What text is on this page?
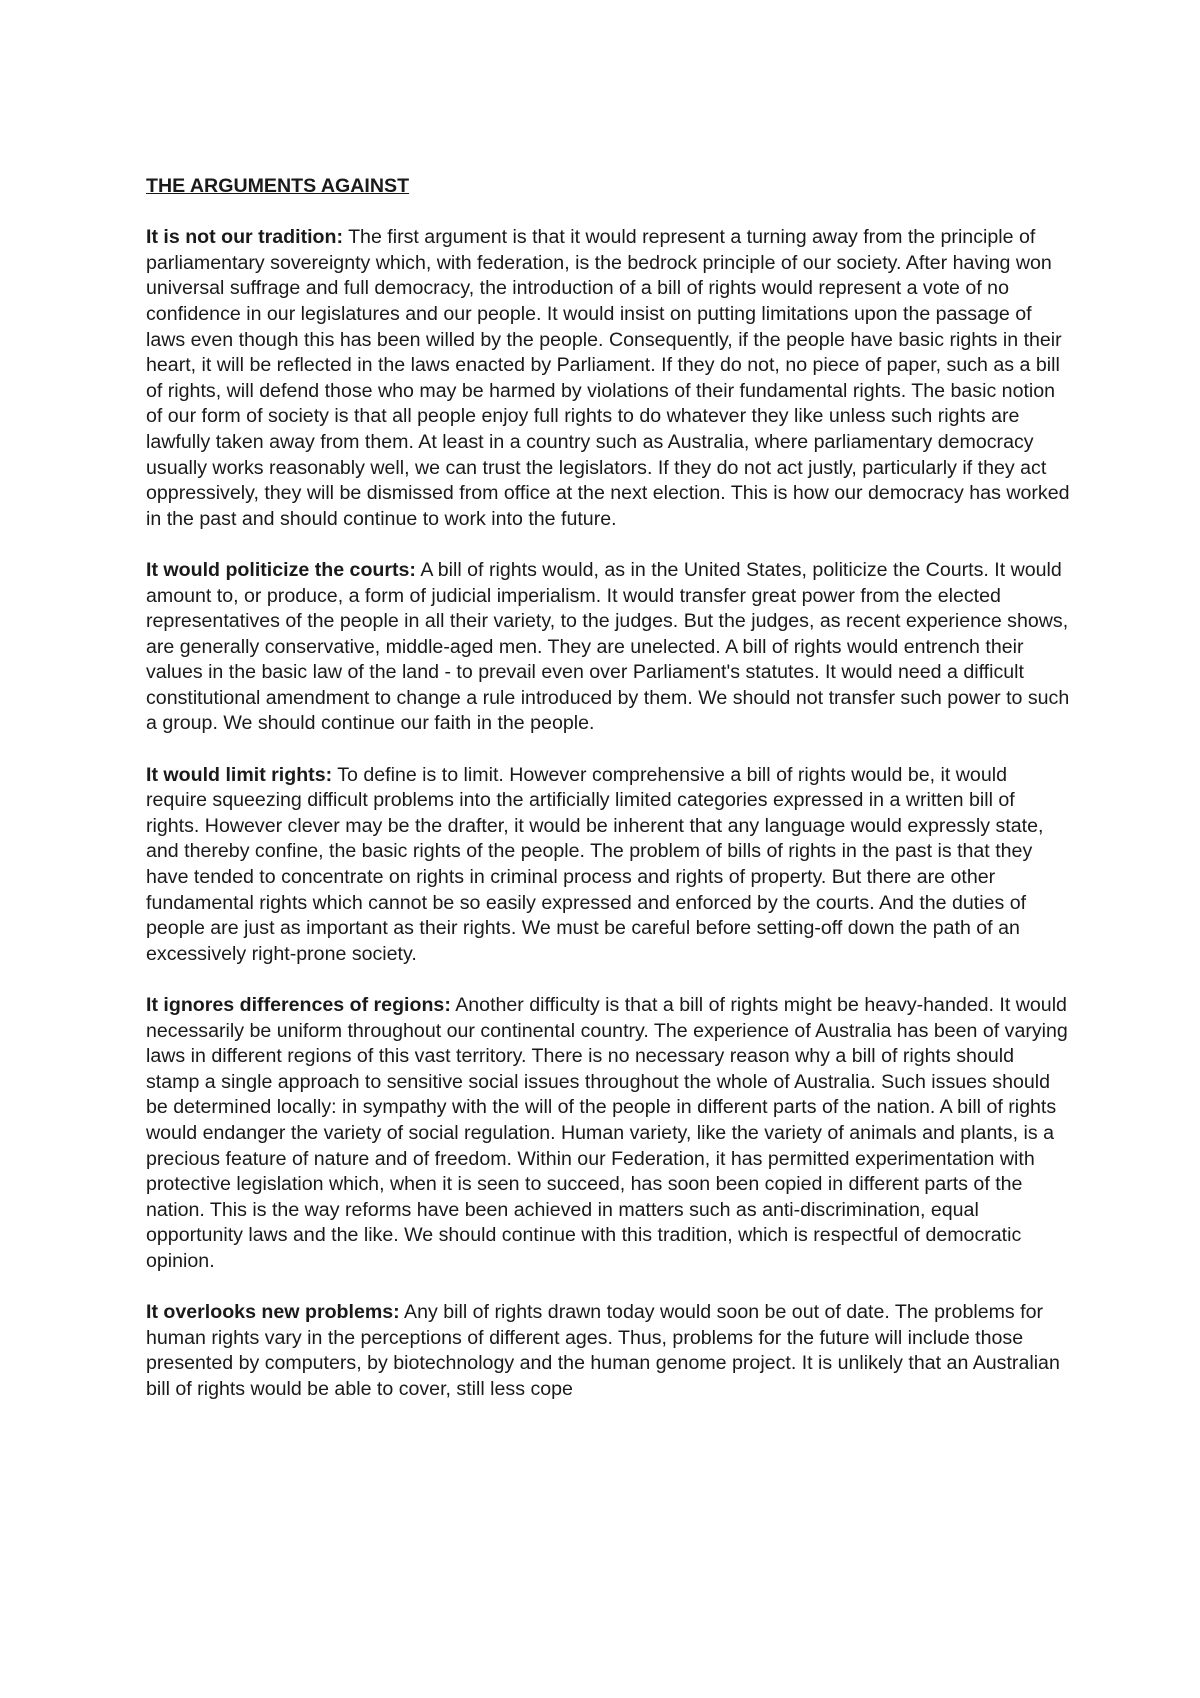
THE ARGUMENTS AGAINST

It is not our tradition: The first argument is that it would represent a turning away from the principle of parliamentary sovereignty which, with federation, is the bedrock principle of our society. After having won universal suffrage and full democracy, the introduction of a bill of rights would represent a vote of no confidence in our legislatures and our people. It would insist on putting limitations upon the passage of laws even though this has been willed by the people. Consequently, if the people have basic rights in their heart, it will be reflected in the laws enacted by Parliament. If they do not, no piece of paper, such as a bill of rights, will defend those who may be harmed by violations of their fundamental rights. The basic notion of our form of society is that all people enjoy full rights to do whatever they like unless such rights are lawfully taken away from them. At least in a country such as Australia, where parliamentary democracy usually works reasonably well, we can trust the legislators. If they do not act justly, particularly if they act oppressively, they will be dismissed from office at the next election. This is how our democracy has worked in the past and should continue to work into the future.

It would politicize the courts: A bill of rights would, as in the United States, politicize the Courts. It would amount to, or produce, a form of judicial imperialism. It would transfer great power from the elected representatives of the people in all their variety, to the judges. But the judges, as recent experience shows, are generally conservative, middle-aged men. They are unelected. A bill of rights would entrench their values in the basic law of the land - to prevail even over Parliament's statutes. It would need a difficult constitutional amendment to change a rule introduced by them. We should not transfer such power to such a group. We should continue our faith in the people.

It would limit rights: To define is to limit. However comprehensive a bill of rights would be, it would require squeezing difficult problems into the artificially limited categories expressed in a written bill of rights. However clever may be the drafter, it would be inherent that any language would expressly state, and thereby confine, the basic rights of the people. The problem of bills of rights in the past is that they have tended to concentrate on rights in criminal process and rights of property. But there are other fundamental rights which cannot be so easily expressed and enforced by the courts. And the duties of people are just as important as their rights. We must be careful before setting-off down the path of an excessively right-prone society.

It ignores differences of regions: Another difficulty is that a bill of rights might be heavy-handed. It would necessarily be uniform throughout our continental country. The experience of Australia has been of varying laws in different regions of this vast territory. There is no necessary reason why a bill of rights should stamp a single approach to sensitive social issues throughout the whole of Australia. Such issues should be determined locally: in sympathy with the will of the people in different parts of the nation. A bill of rights would endanger the variety of social regulation. Human variety, like the variety of animals and plants, is a precious feature of nature and of freedom. Within our Federation, it has permitted experimentation with protective legislation which, when it is seen to succeed, has soon been copied in different parts of the nation. This is the way reforms have been achieved in matters such as anti-discrimination, equal opportunity laws and the like. We should continue with this tradition, which is respectful of democratic opinion.

It overlooks new problems: Any bill of rights drawn today would soon be out of date. The problems for human rights vary in the perceptions of different ages. Thus, problems for the future will include those presented by computers, by biotechnology and the human genome project. It is unlikely that an Australian bill of rights would be able to cover, still less cope
